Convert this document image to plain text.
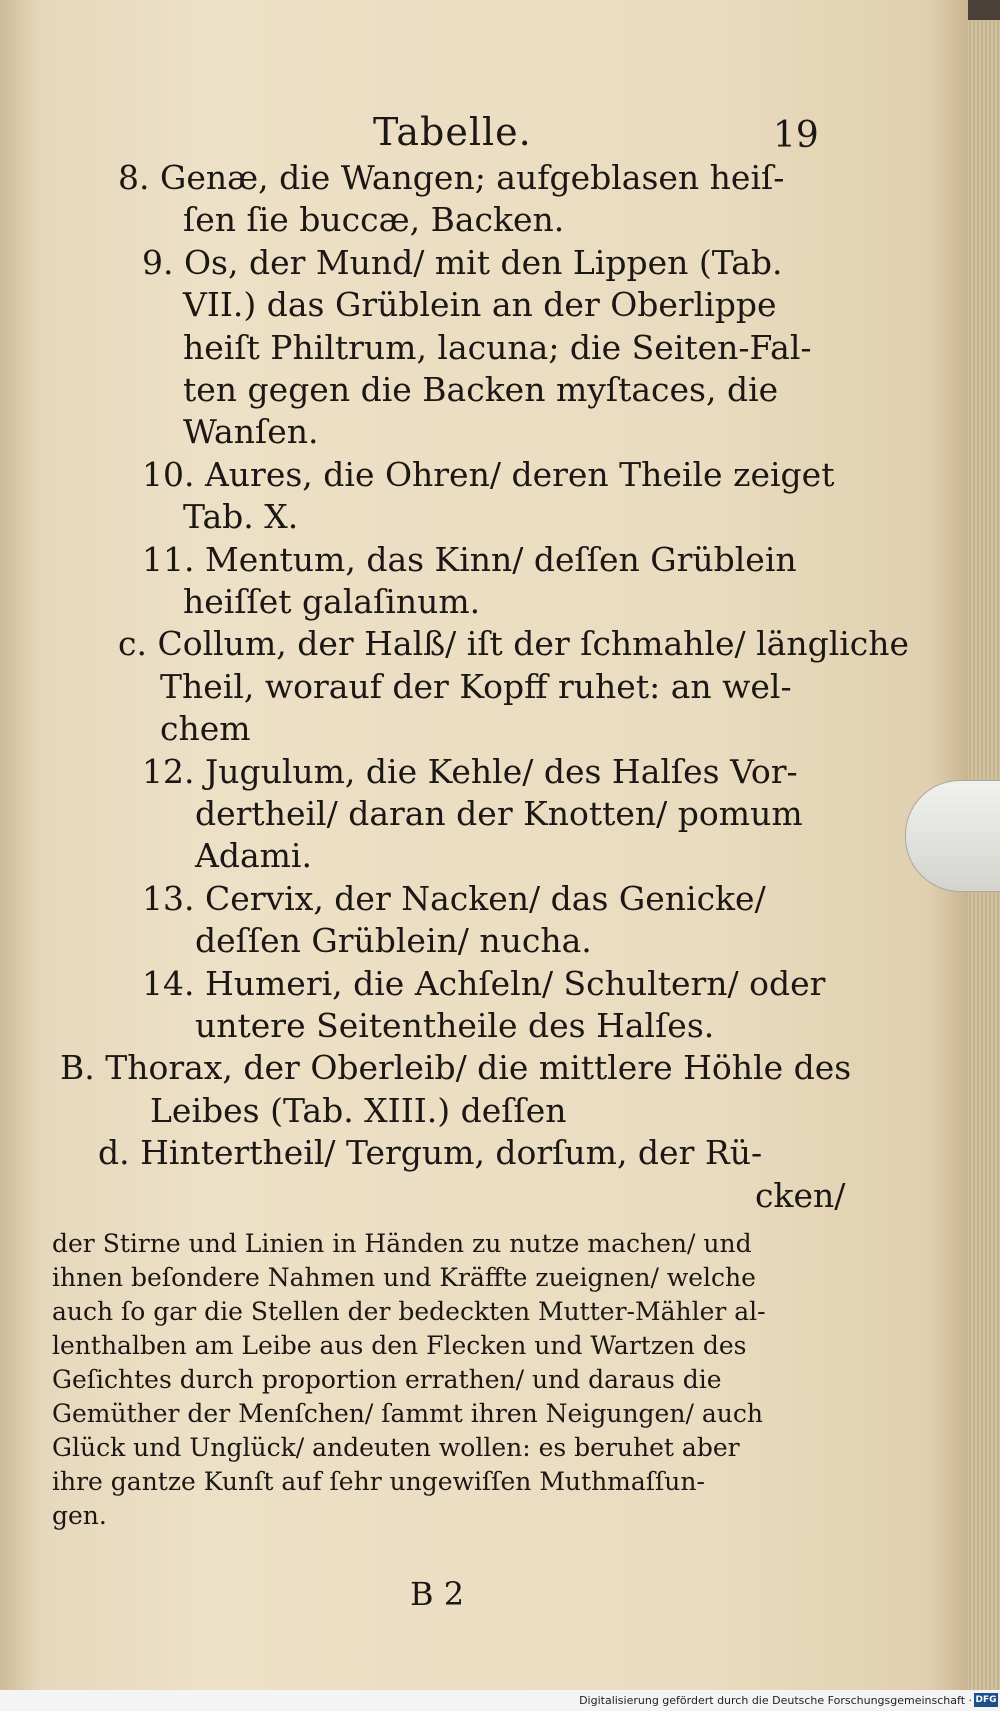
Tabelle.	19
8. Genæ, die Wangen; aufgeblasen heiſ-
ſen ſie buccæ, Backen.
9. Os, der Mund/ mit den Lippen (Tab.
VII.) das Grüblein an der Oberlippe
heiſt Philtrum, lacuna; die Seiten-Fal-
ten gegen die Backen myſtaces, die
Wanſen.
10. Aures, die Ohren/ deren Theile zeiget
Tab. X.
11. Mentum, das Kinn/ deſſen Grüblein
heiſſet galaſinum.
c. Collum, der Halß/ iſt der ſchmahle/ längliche
Theil, worauf der Kopff ruhet: an wel-
chem
12. Jugulum, die Kehle/ des Halſes Vor-
dertheil/ daran der Knotten/ pomum
Adami.
13. Cervix, der Nacken/ das Genicke/
deſſen Grüblein/ nucha.
14. Humeri, die Achſeln/ Schultern/ oder
untere Seitentheile des Halſes.
B. Thorax, der Oberleib/ die mittlere Höhle des
Leibes (Tab. XIII.) deſſen
d. Hintertheil/ Tergum, dorſum, der Rü-
cken/
der Stirne und Linien in Händen zu nutze machen/ und
ihnen beſondere Nahmen und Kräffte zueignen/ welche
auch ſo gar die Stellen der bedeckten Mutter-Mähler al-
lenthalben am Leibe aus den Flecken und Wartzen des
Geſichtes durch proportion errathen/ und daraus die
Gemüther der Menſchen/ ſammt ihren Neigungen/ auch
Glück und Unglück/ andeuten wollen: es beruhet aber
ihre gantze Kunſt auf ſehr ungewiſſen Muthmaſſun-
gen.
B 2
Digitalisierung gefördert durch die Deutsche Forschungsgemeinschaft · DFG
